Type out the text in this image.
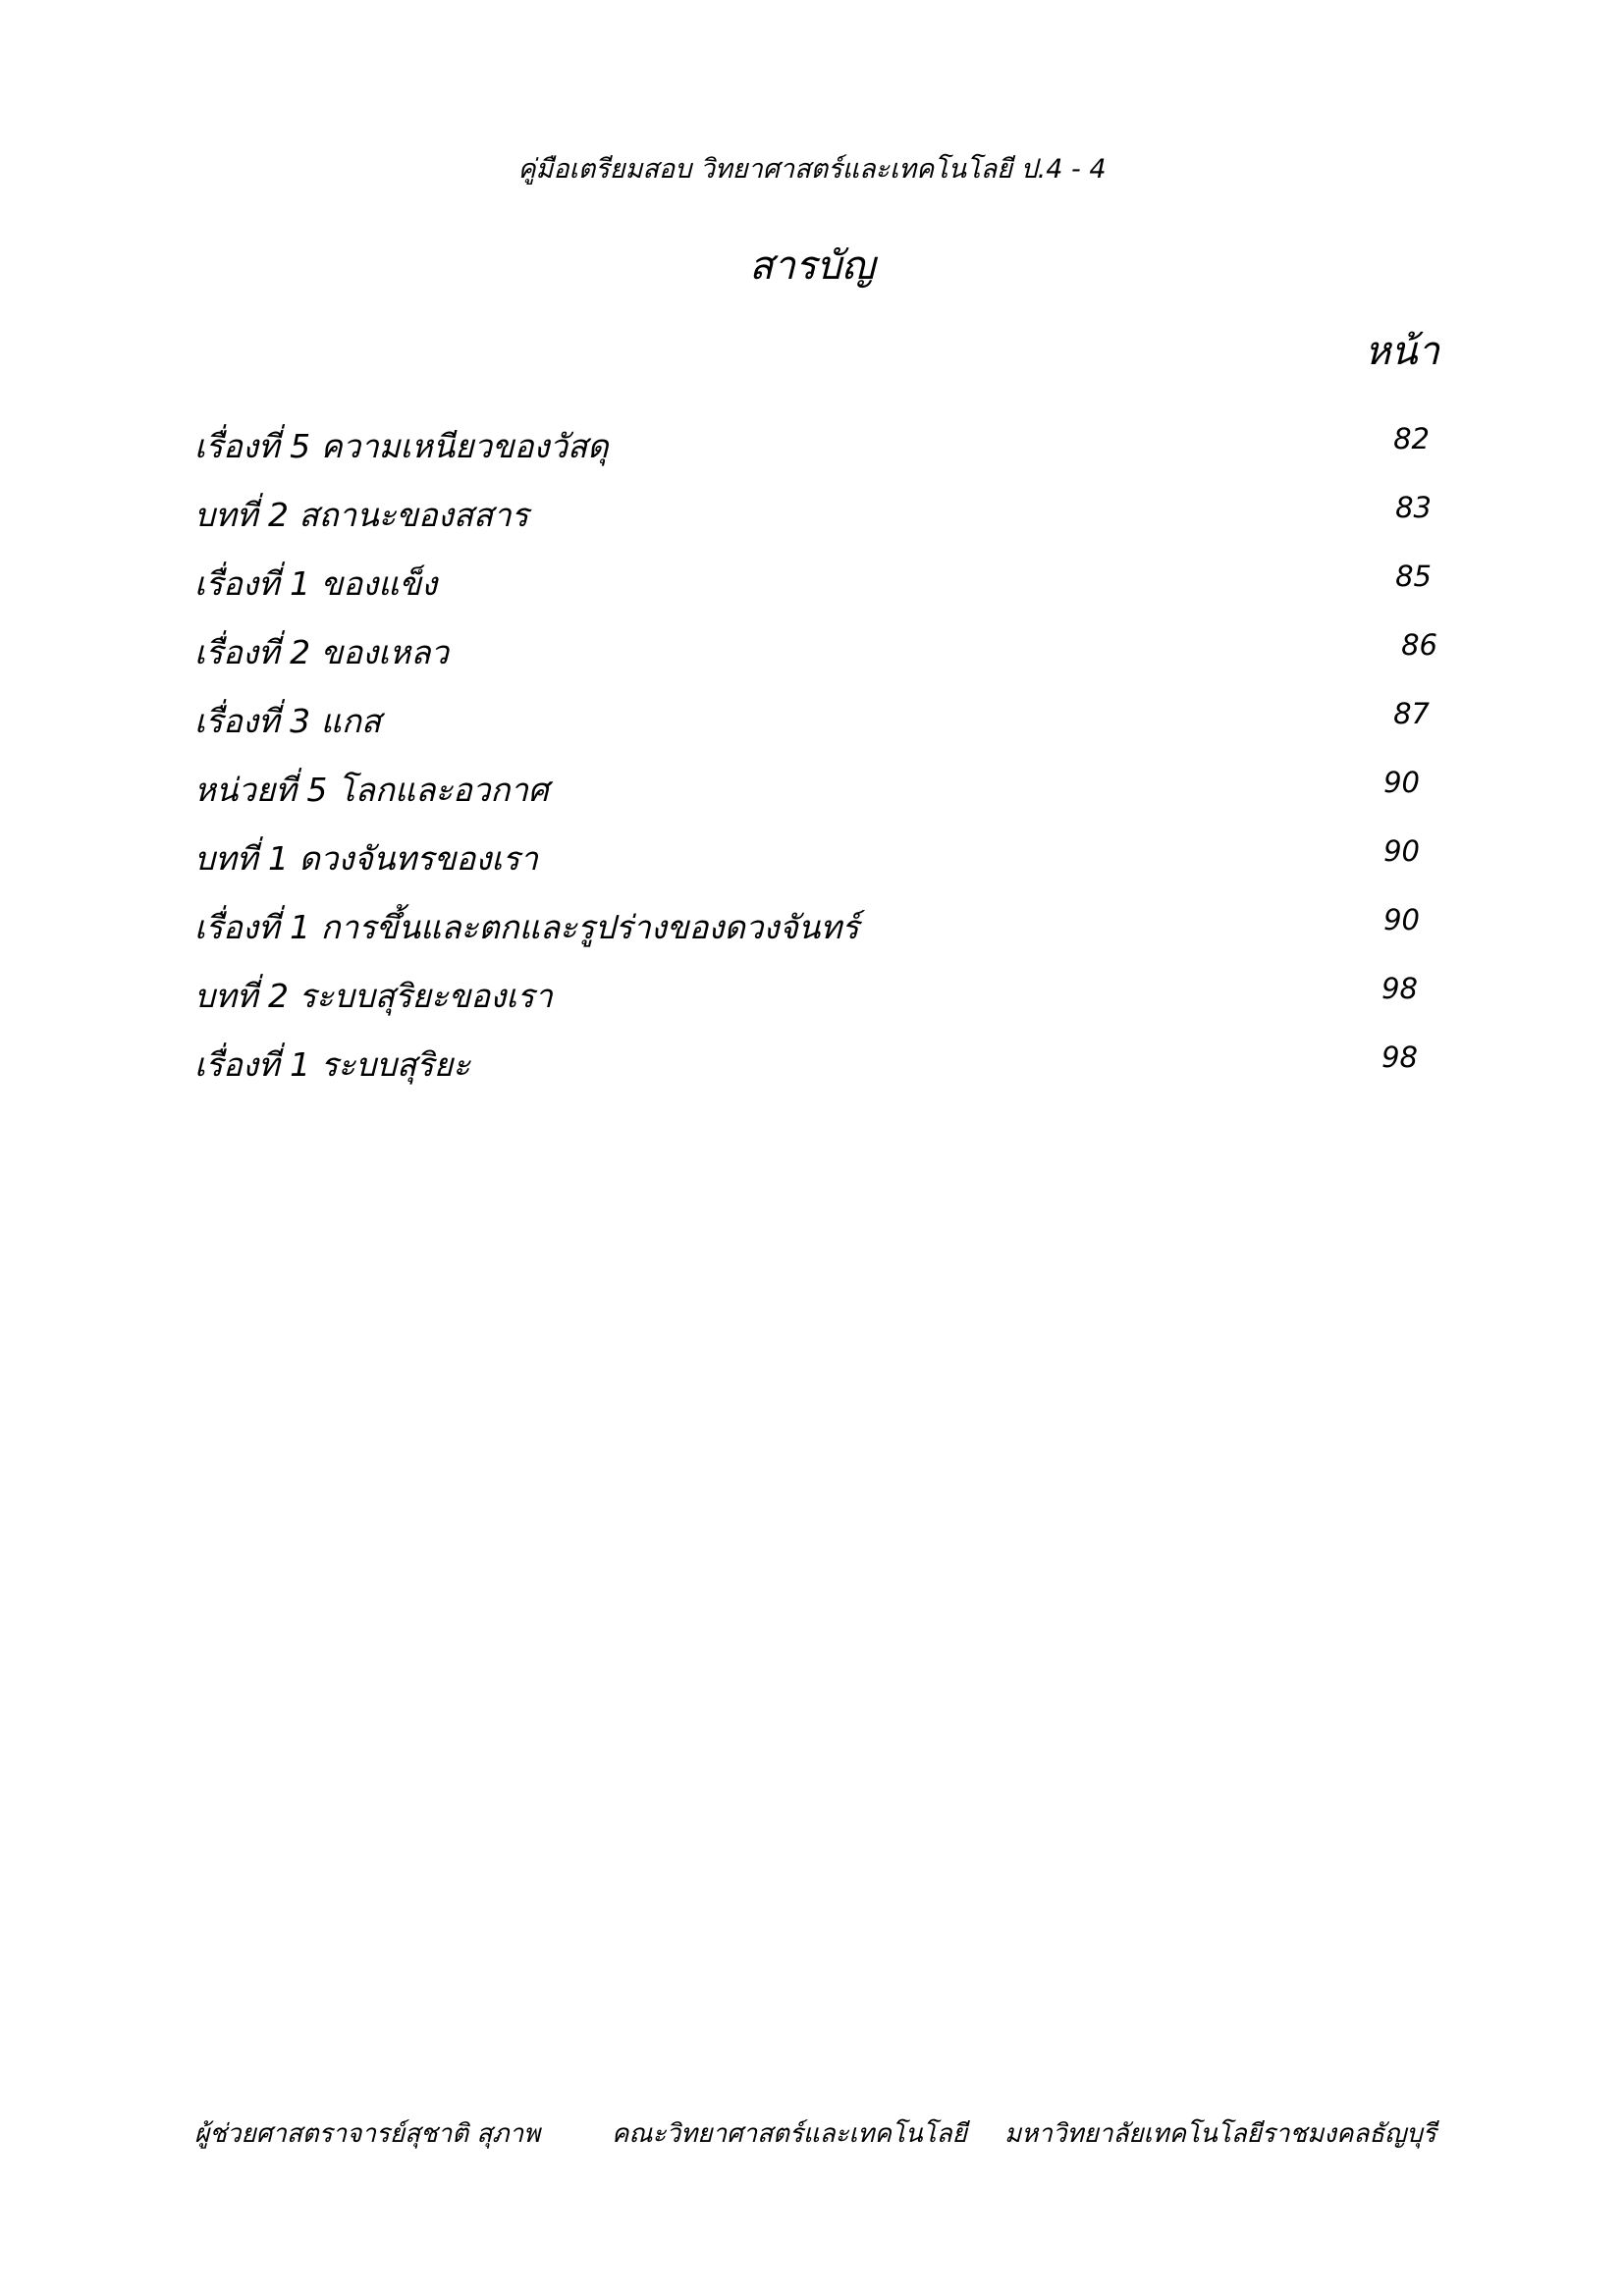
คู่มือเตรียมสอบ วิทยาศาสตร์และเทคโนโลยี ป.4 - 4
สารบัญ
หน้า
เรื่องที่ 5 ความเหนียวของวัสดุ	82
บทที่ 2 สถานะของสสาร	83
เรื่องที่ 1 ของแข็ง	85
เรื่องที่ 2 ของเหลว	86
เรื่องที่ 3 แกส	87
หน่วยที่ 5 โลกและอวกาศ	90
บทที่ 1 ดวงจันทรของเรา	90
เรื่องที่ 1 การขึ้นและตกและรูปร่างของดวงจันทร์	90
บทที่ 2 ระบบสุริยะของเรา	98
เรื่องที่ 1 ระบบสุริยะ	98
ผู้ช่วยศาสตราจารย์สุชาติ สุภาพ	คณะวิทยาศาสตร์และเทคโนโลยี มหาวิทยาลัยเทคโนโลยีราชมงคลธัญบุรี
